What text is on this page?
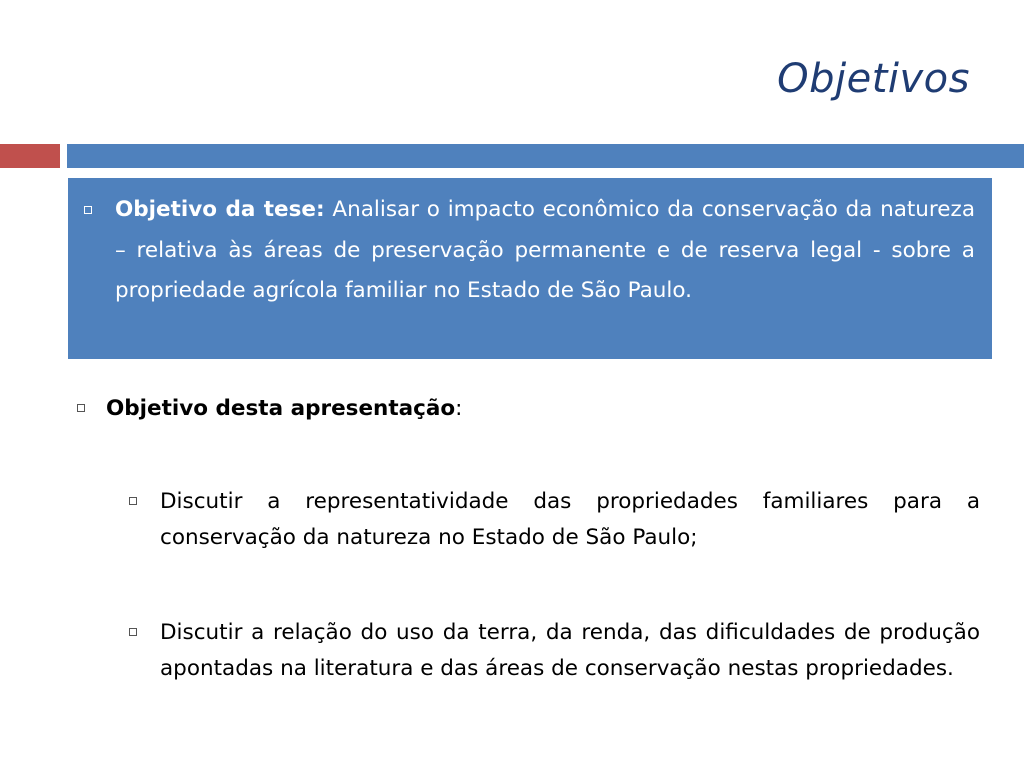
Objetivos
Objetivo da tese: Analisar o impacto econômico da conservação da natureza – relativa às áreas de preservação permanente e de reserva legal - sobre a propriedade agrícola familiar no Estado de São Paulo.
Objetivo desta apresentação:
Discutir a representatividade das propriedades familiares para a conservação da natureza no Estado de São Paulo;
Discutir a relação do uso da terra, da renda, das dificuldades de produção apontadas na literatura e das áreas de conservação nestas propriedades.
